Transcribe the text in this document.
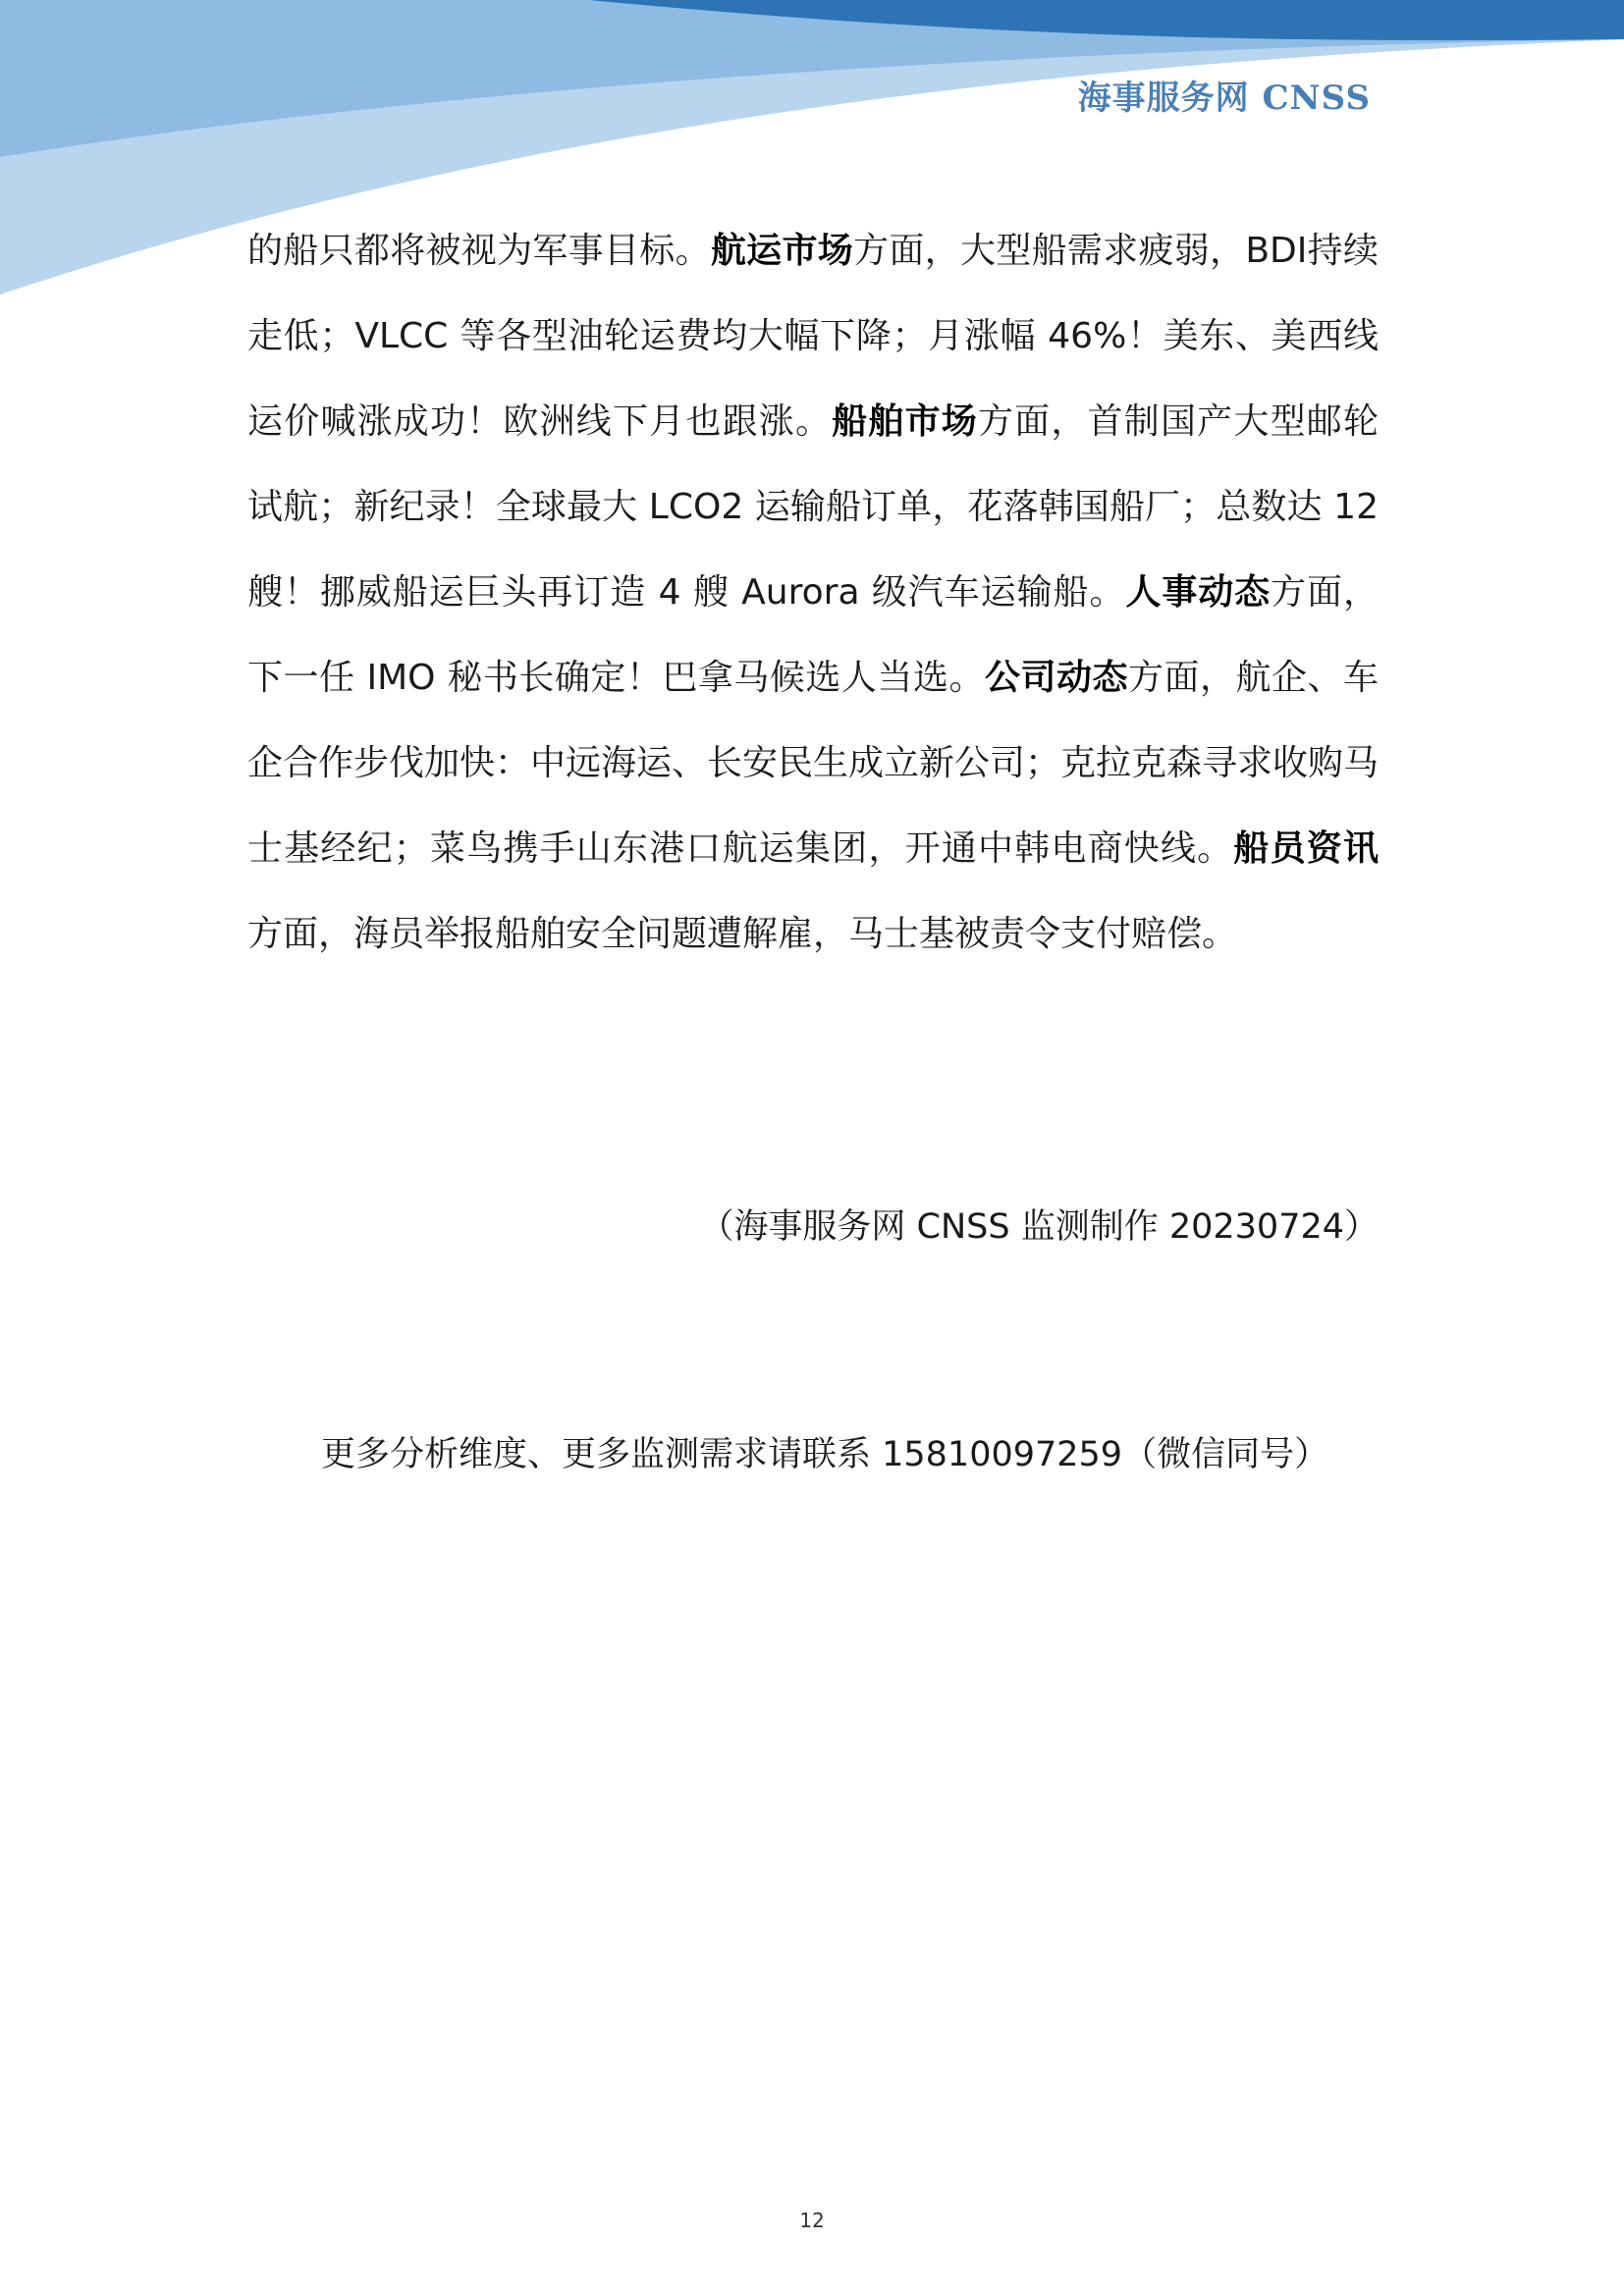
海事服务网 CNSS

的船只都将被视为军事目标。航运市场方面，大型船需求疲弱，BDI持续走低；VLCC 等各型油轮运费均大幅下降；月涨幅 46%！美东、美西线运价喊涨成功！欧洲线下月也跟涨。船舶市场方面，首制国产大型邮轮试航；新纪录！全球最大 LCO2 运输船订单，花落韩国船厂；总数达 12 艘！挪威船运巨头再订造 4 艘 Aurora 级汽车运输船。人事动态方面，下一任 IMO 秘书长确定！巴拿马候选人当选。公司动态方面，航企、车企合作步伐加快：中远海运、长安民生成立新公司；克拉克森寻求收购马士基经纪；菜鸟携手山东港口航运集团，开通中韩电商快线。船员资讯方面，海员举报船舶安全问题遭解雇，马士基被责令支付赔偿。

（海事服务网 CNSS 监测制作 20230724）
更多分析维度、更多监测需求请联系 15810097259（微信同号）
12
